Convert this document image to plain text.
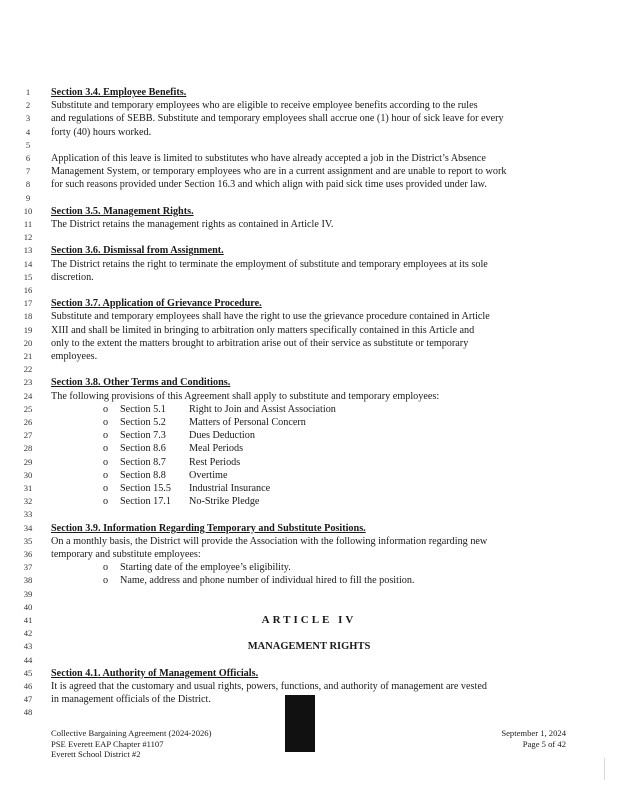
1	Section 3.4. Employee Benefits.
2	Substitute and temporary employees who are eligible to receive employee benefits according to the rules
3	and regulations of SEBB. Substitute and temporary employees shall accrue one (1) hour of sick leave for every
4	forty (40) hours worked.
5
6	Application of this leave is limited to substitutes who have already accepted a job in the District’s Absence
7	Management System, or temporary employees who are in a current assignment and are unable to report to work
8	for such reasons provided under Section 16.3 and which align with paid sick time uses provided under law.
9
10	Section 3.5. Management Rights.
11	The District retains the management rights as contained in Article IV.
12
13	Section 3.6. Dismissal from Assignment.
14	The District retains the right to terminate the employment of substitute and temporary employees at its sole
15	discretion.
16
17	Section 3.7. Application of Grievance Procedure.
18	Substitute and temporary employees shall have the right to use the grievance procedure contained in Article
19	XIII and shall be limited in bringing to arbitration only matters specifically contained in this Article and
20	only to the extent the matters brought to arbitration arise out of their service as substitute or temporary
21	employees.
22
23	Section 3.8. Other Terms and Conditions.
24	The following provisions of this Agreement shall apply to substitute and temporary employees:
25	o Section 5.1 Right to Join and Assist Association
26	o Section 5.2 Matters of Personal Concern
27	o Section 7.3 Dues Deduction
28	o Section 8.6 Meal Periods
29	o Section 8.7 Rest Periods
30	o Section 8.8 Overtime
31	o Section 15.5 Industrial Insurance
32	o Section 17.1 No-Strike Pledge
33
34	Section 3.9. Information Regarding Temporary and Substitute Positions.
35	On a monthly basis, the District will provide the Association with the following information regarding new
36	temporary and substitute employees:
37	o Starting date of the employee’s eligibility.
38	o Name, address and phone number of individual hired to fill the position.
39
40
41	ARTICLE IV
42
43	MANAGEMENT RIGHTS
44
45	Section 4.1. Authority of Management Officials.
46	It is agreed that the customary and usual rights, powers, functions, and authority of management are vested
47	in management officials of the District.
48
Collective Bargaining Agreement (2024-2026)
PSE Everett EAP Chapter #1107
Everett School District #2
September 1, 2024
Page 5 of 42
